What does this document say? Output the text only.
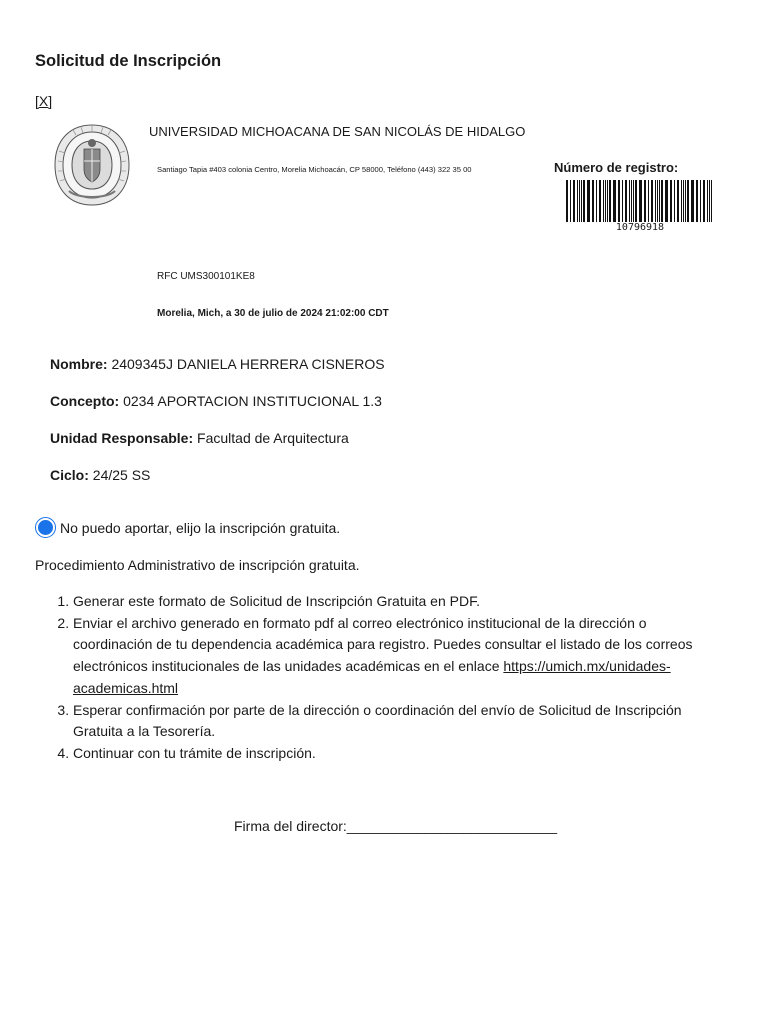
Solicitud de Inscripción
[X]
UNIVERSIDAD MICHOACANA DE SAN NICOLÁS DE HIDALGO
Santiago Tapia #403 colonia Centro, Morelia Michoacán, CP 58000, Teléfono (443) 322 35 00	Número de registro:
10796918
RFC UMS300101KE8
Morelia, Mich, a 30 de julio de 2024 21:02:00 CDT
Nombre: 2409345J DANIELA HERRERA CISNEROS
Concepto: 0234 APORTACION INSTITUCIONAL 1.3
Unidad Responsable: Facultad de Arquitectura
Ciclo: 24/25 SS
No puedo aportar, elijo la inscripción gratuita.
Procedimiento Administrativo de inscripción gratuita.
1. Generar este formato de Solicitud de Inscripción Gratuita en PDF.
2. Enviar el archivo generado en formato pdf al correo electrónico institucional de la dirección o coordinación de tu dependencia académica para registro. Puedes consultar el listado de los correos electrónicos institucionales de las unidades académicas en el enlace https://umich.mx/unidades-academicas.html
3. Esperar confirmación por parte de la dirección o coordinación del envío de Solicitud de Inscripción Gratuita a la Tesorería.
4. Continuar con tu trámite de inscripción.
Firma del director:___________________________
